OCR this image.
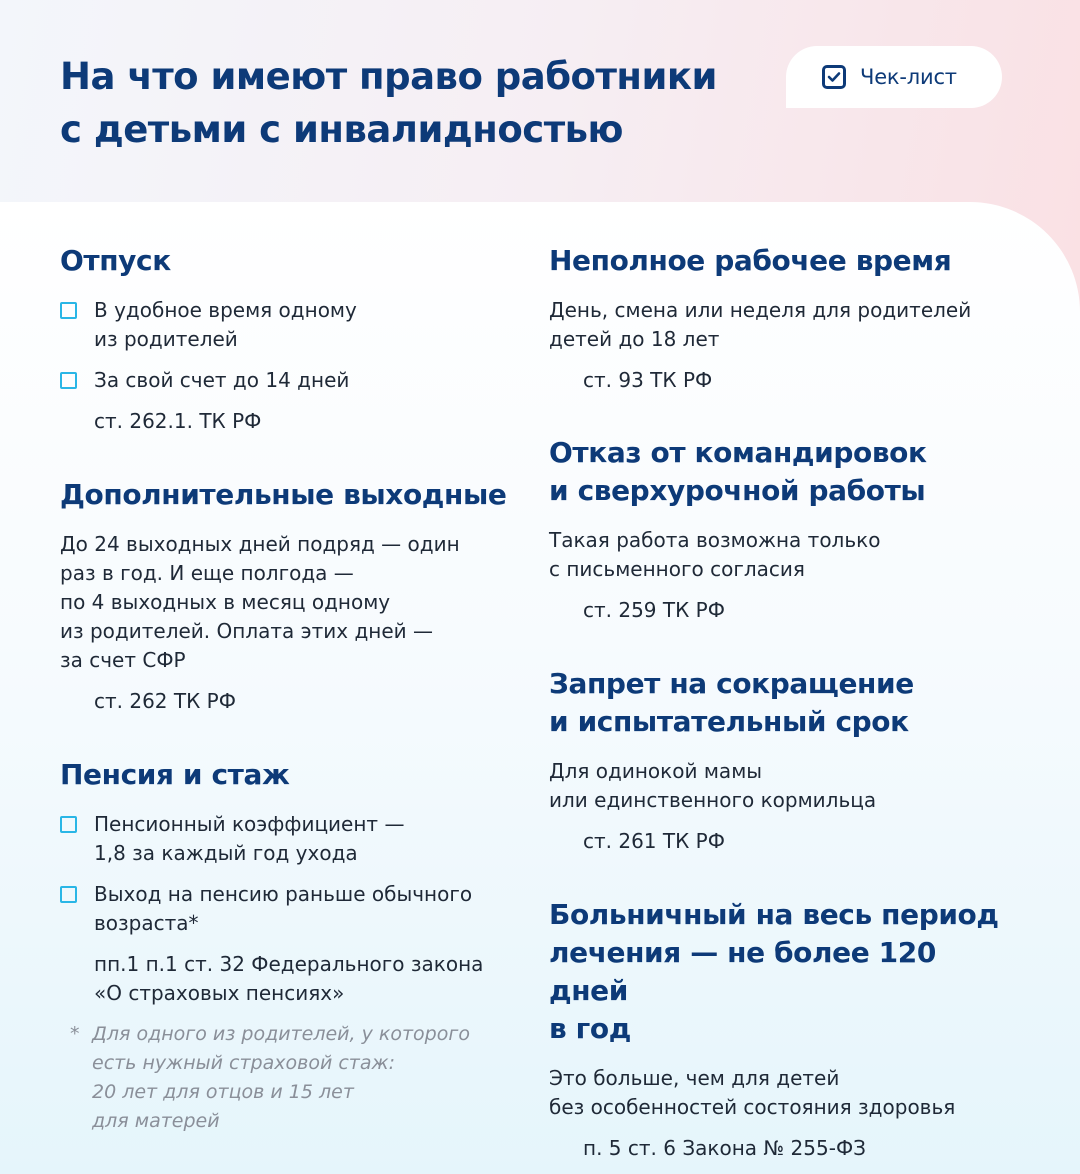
На что имеют право работники
с детьми с инвалидностью
Чек-лист
Отпуск
В удобное время одному
из родителей
За свой счет до 14 дней

ст. 262.1. ТК РФ

Дополнительные выходные

До 24 выходных дней подряд — один
раз в год. И еще полгода —
по 4 выходных в месяц одному
из родителей. Оплата этих дней —
за счет СФР

ст. 262 ТК РФ

Пенсия и стаж
Пенсионный коэффициент —
1,8 за каждый год ухода
Выход на пенсию раньше обычного
возраста*

пп.1 п.1 ст. 32 Федерального закона
«О страховых пенсиях»

* Для одного из родителей, у которого
есть нужный страховой стаж:
20 лет для отцов и 15 лет
для матерей
Неполное рабочее время

День, смена или неделя для родителей
детей до 18 лет

ст. 93 ТК РФ

Отказ от командировок
и сверхурочной работы

Такая работа возможна только
с письменного согласия

ст. 259 ТК РФ

Запрет на сокращение
и испытательный срок

Для одинокой мамы
или единственного кормильца

ст. 261 ТК РФ

Больничный на весь период
лечения — не более 120 дней
в год

Это больше, чем для детей
без особенностей состояния здоровья

п. 5 ст. 6 Закона № 255-ФЗ
